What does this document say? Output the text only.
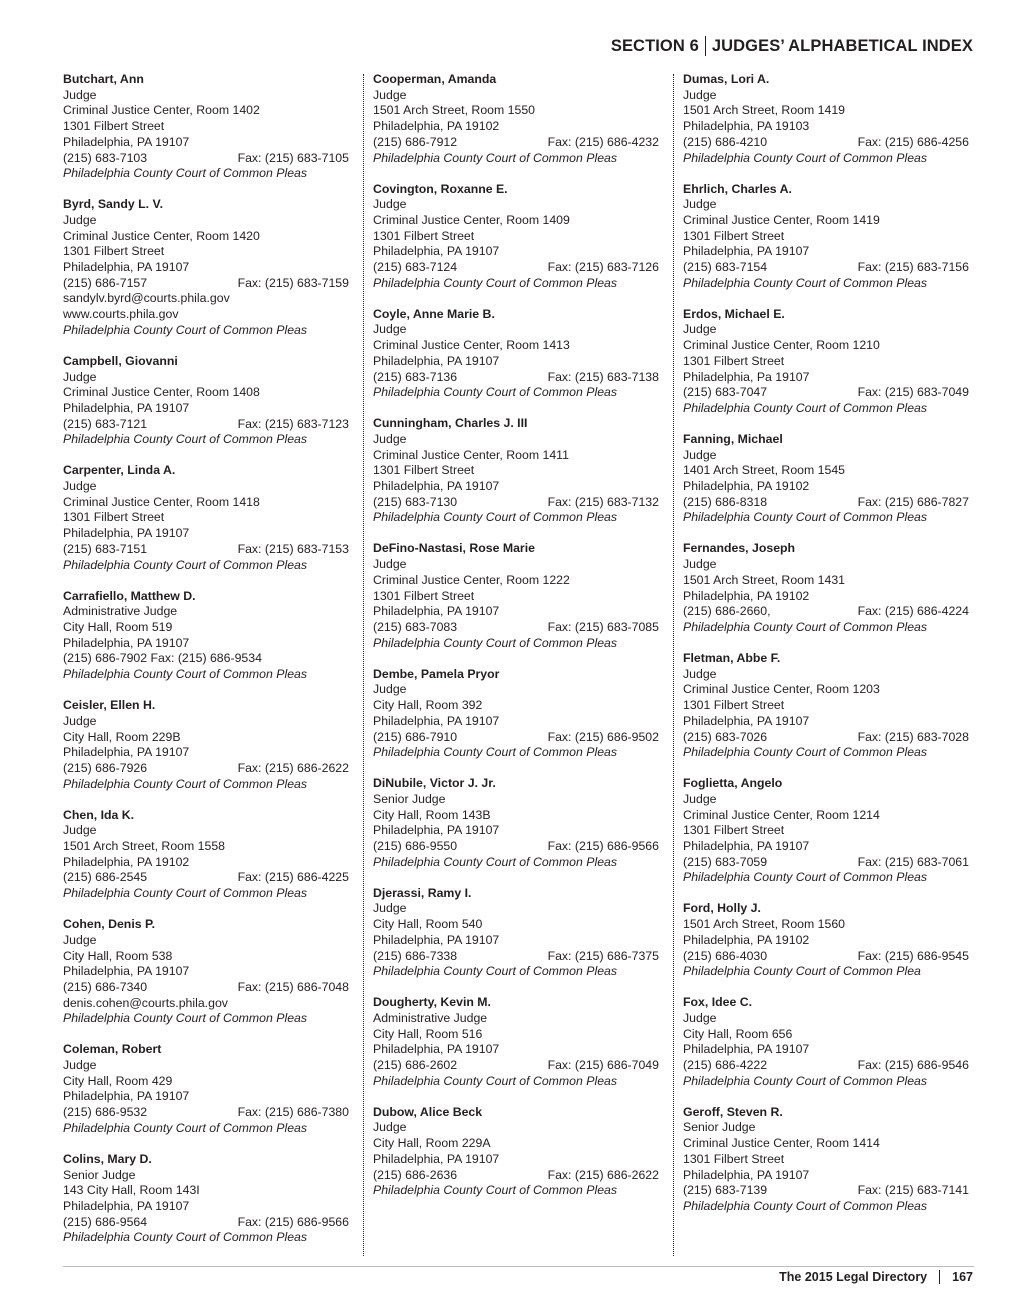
SECTION 6 JUDGES’ ALPHABETICAL INDEX
Butchart, Ann
Judge
Criminal Justice Center, Room 1402
1301 Filbert Street
Philadelphia, PA 19107
(215) 683-7103	Fax: (215) 683-7105
Philadelphia County Court of Common Pleas
Byrd, Sandy L. V.
Judge
Criminal Justice Center, Room 1420
1301 Filbert Street
Philadelphia, PA 19107
(215) 686-7157	Fax: (215) 683-7159
sandylv.byrd@courts.phila.gov
www.courts.phila.gov
Philadelphia County Court of Common Pleas
Campbell, Giovanni
Judge
Criminal Justice Center, Room 1408
Philadelphia, PA 19107
(215) 683-7121	Fax: (215) 683-7123
Philadelphia County Court of Common Pleas
Carpenter, Linda A.
Judge
Criminal Justice Center, Room 1418
1301 Filbert Street
Philadelphia, PA 19107
(215) 683-7151	Fax: (215) 683-7153
Philadelphia County Court of Common Pleas
Carrafiello, Matthew D.
Administrative Judge
City Hall, Room 519
Philadelphia, PA 19107
(215) 686-7902 Fax: (215) 686-9534
Philadelphia County Court of Common Pleas
Ceisler, Ellen H.
Judge
City Hall, Room 229B
Philadelphia, PA 19107
(215) 686-7926	Fax: (215) 686-2622
Philadelphia County Court of Common Pleas
Chen, Ida K.
Judge
1501 Arch Street, Room 1558
Philadelphia, PA 19102
(215) 686-2545	Fax: (215) 686-4225
Philadelphia County Court of Common Pleas
Cohen, Denis P.
Judge
City Hall, Room 538
Philadelphia, PA 19107
(215) 686-7340	Fax: (215) 686-7048
denis.cohen@courts.phila.gov
Philadelphia County Court of Common Pleas
Coleman, Robert
Judge
City Hall, Room 429
Philadelphia, PA 19107
(215) 686-9532	Fax: (215) 686-7380
Philadelphia County Court of Common Pleas
Colins, Mary D.
Senior Judge
143 City Hall, Room 143I
Philadelphia, PA 19107
(215) 686-9564	Fax: (215) 686-9566
Philadelphia County Court of Common Pleas
Cooperman, Amanda
Judge
1501 Arch Street, Room 1550
Philadelphia, PA 19102
(215) 686-7912	Fax: (215) 686-4232
Philadelphia County Court of Common Pleas
Covington, Roxanne E.
Judge
Criminal Justice Center, Room 1409
1301 Filbert Street
Philadelphia, PA 19107
(215) 683-7124	Fax: (215) 683-7126
Philadelphia County Court of Common Pleas
Coyle, Anne Marie B.
Judge
Criminal Justice Center, Room 1413
Philadelphia, PA 19107
(215) 683-7136	Fax: (215) 683-7138
Philadelphia County Court of Common Pleas
Cunningham, Charles J. III
Judge
Criminal Justice Center, Room 1411
1301 Filbert Street
Philadelphia, PA 19107
(215) 683-7130	Fax: (215) 683-7132
Philadelphia County Court of Common Pleas
DeFino-Nastasi, Rose Marie
Judge
Criminal Justice Center, Room 1222
1301 Filbert Street
Philadelphia, PA 19107
(215) 683-7083	Fax: (215) 683-7085
Philadelphia County Court of Common Pleas
Dembe, Pamela Pryor
Judge
City Hall, Room 392
Philadelphia, PA 19107
(215) 686-7910	Fax: (215) 686-9502
Philadelphia County Court of Common Pleas
DiNubile, Victor J. Jr.
Senior Judge
City Hall, Room 143B
Philadelphia, PA 19107
(215) 686-9550	Fax: (215) 686-9566
Philadelphia County Court of Common Pleas
Djerassi, Ramy I.
Judge
City Hall, Room 540
Philadelphia, PA 19107
(215) 686-7338	Fax: (215) 686-7375
Philadelphia County Court of Common Pleas
Dougherty, Kevin M.
Administrative Judge
City Hall, Room 516
Philadelphia, PA 19107
(215) 686-2602	Fax: (215) 686-7049
Philadelphia County Court of Common Pleas
Dubow, Alice Beck
Judge
City Hall, Room 229A
Philadelphia, PA 19107
(215) 686-2636	Fax: (215) 686-2622
Philadelphia County Court of Common Pleas
Dumas, Lori A.
Judge
1501 Arch Street, Room 1419
Philadelphia, PA 19103
(215) 686-4210	Fax: (215) 686-4256
Philadelphia County Court of Common Pleas
Ehrlich, Charles A.
Judge
Criminal Justice Center, Room 1419
1301 Filbert Street
Philadelphia, PA 19107
(215) 683-7154	Fax: (215) 683-7156
Philadelphia County Court of Common Pleas
Erdos, Michael E.
Judge
Criminal Justice Center, Room 1210
1301 Filbert Street
Philadelphia, Pa 19107
(215) 683-7047	Fax: (215) 683-7049
Philadelphia County Court of Common Pleas
Fanning, Michael
Judge
1401 Arch Street, Room 1545
Philadelphia, PA 19102
(215) 686-8318	Fax: (215) 686-7827
Philadelphia County Court of Common Pleas
Fernandes, Joseph
Judge
1501 Arch Street, Room 1431
Philadelphia, PA 19102
(215) 686-2660,	Fax: (215) 686-4224
Philadelphia County Court of Common Pleas
Fletman, Abbe F.
Judge
Criminal Justice Center, Room 1203
1301 Filbert Street
Philadelphia, PA 19107
(215) 683-7026	Fax: (215) 683-7028
Philadelphia County Court of Common Pleas
Foglietta, Angelo
Judge
Criminal Justice Center, Room 1214
1301 Filbert Street
Philadelphia, PA 19107
(215) 683-7059	Fax: (215) 683-7061
Philadelphia County Court of Common Pleas
Ford, Holly J.
1501 Arch Street, Room 1560
Philadelphia, PA 19102
(215) 686-4030	Fax: (215) 686-9545
Philadelphia County Court of Common Plea
Fox, Idee C.
Judge
City Hall, Room 656
Philadelphia, PA 19107
(215) 686-4222	Fax: (215) 686-9546
Philadelphia County Court of Common Pleas
Geroff, Steven R.
Senior Judge
Criminal Justice Center, Room 1414
1301 Filbert Street
Philadelphia, PA 19107
(215) 683-7139	Fax: (215) 683-7141
Philadelphia County Court of Common Pleas
The 2015 Legal Directory 167
